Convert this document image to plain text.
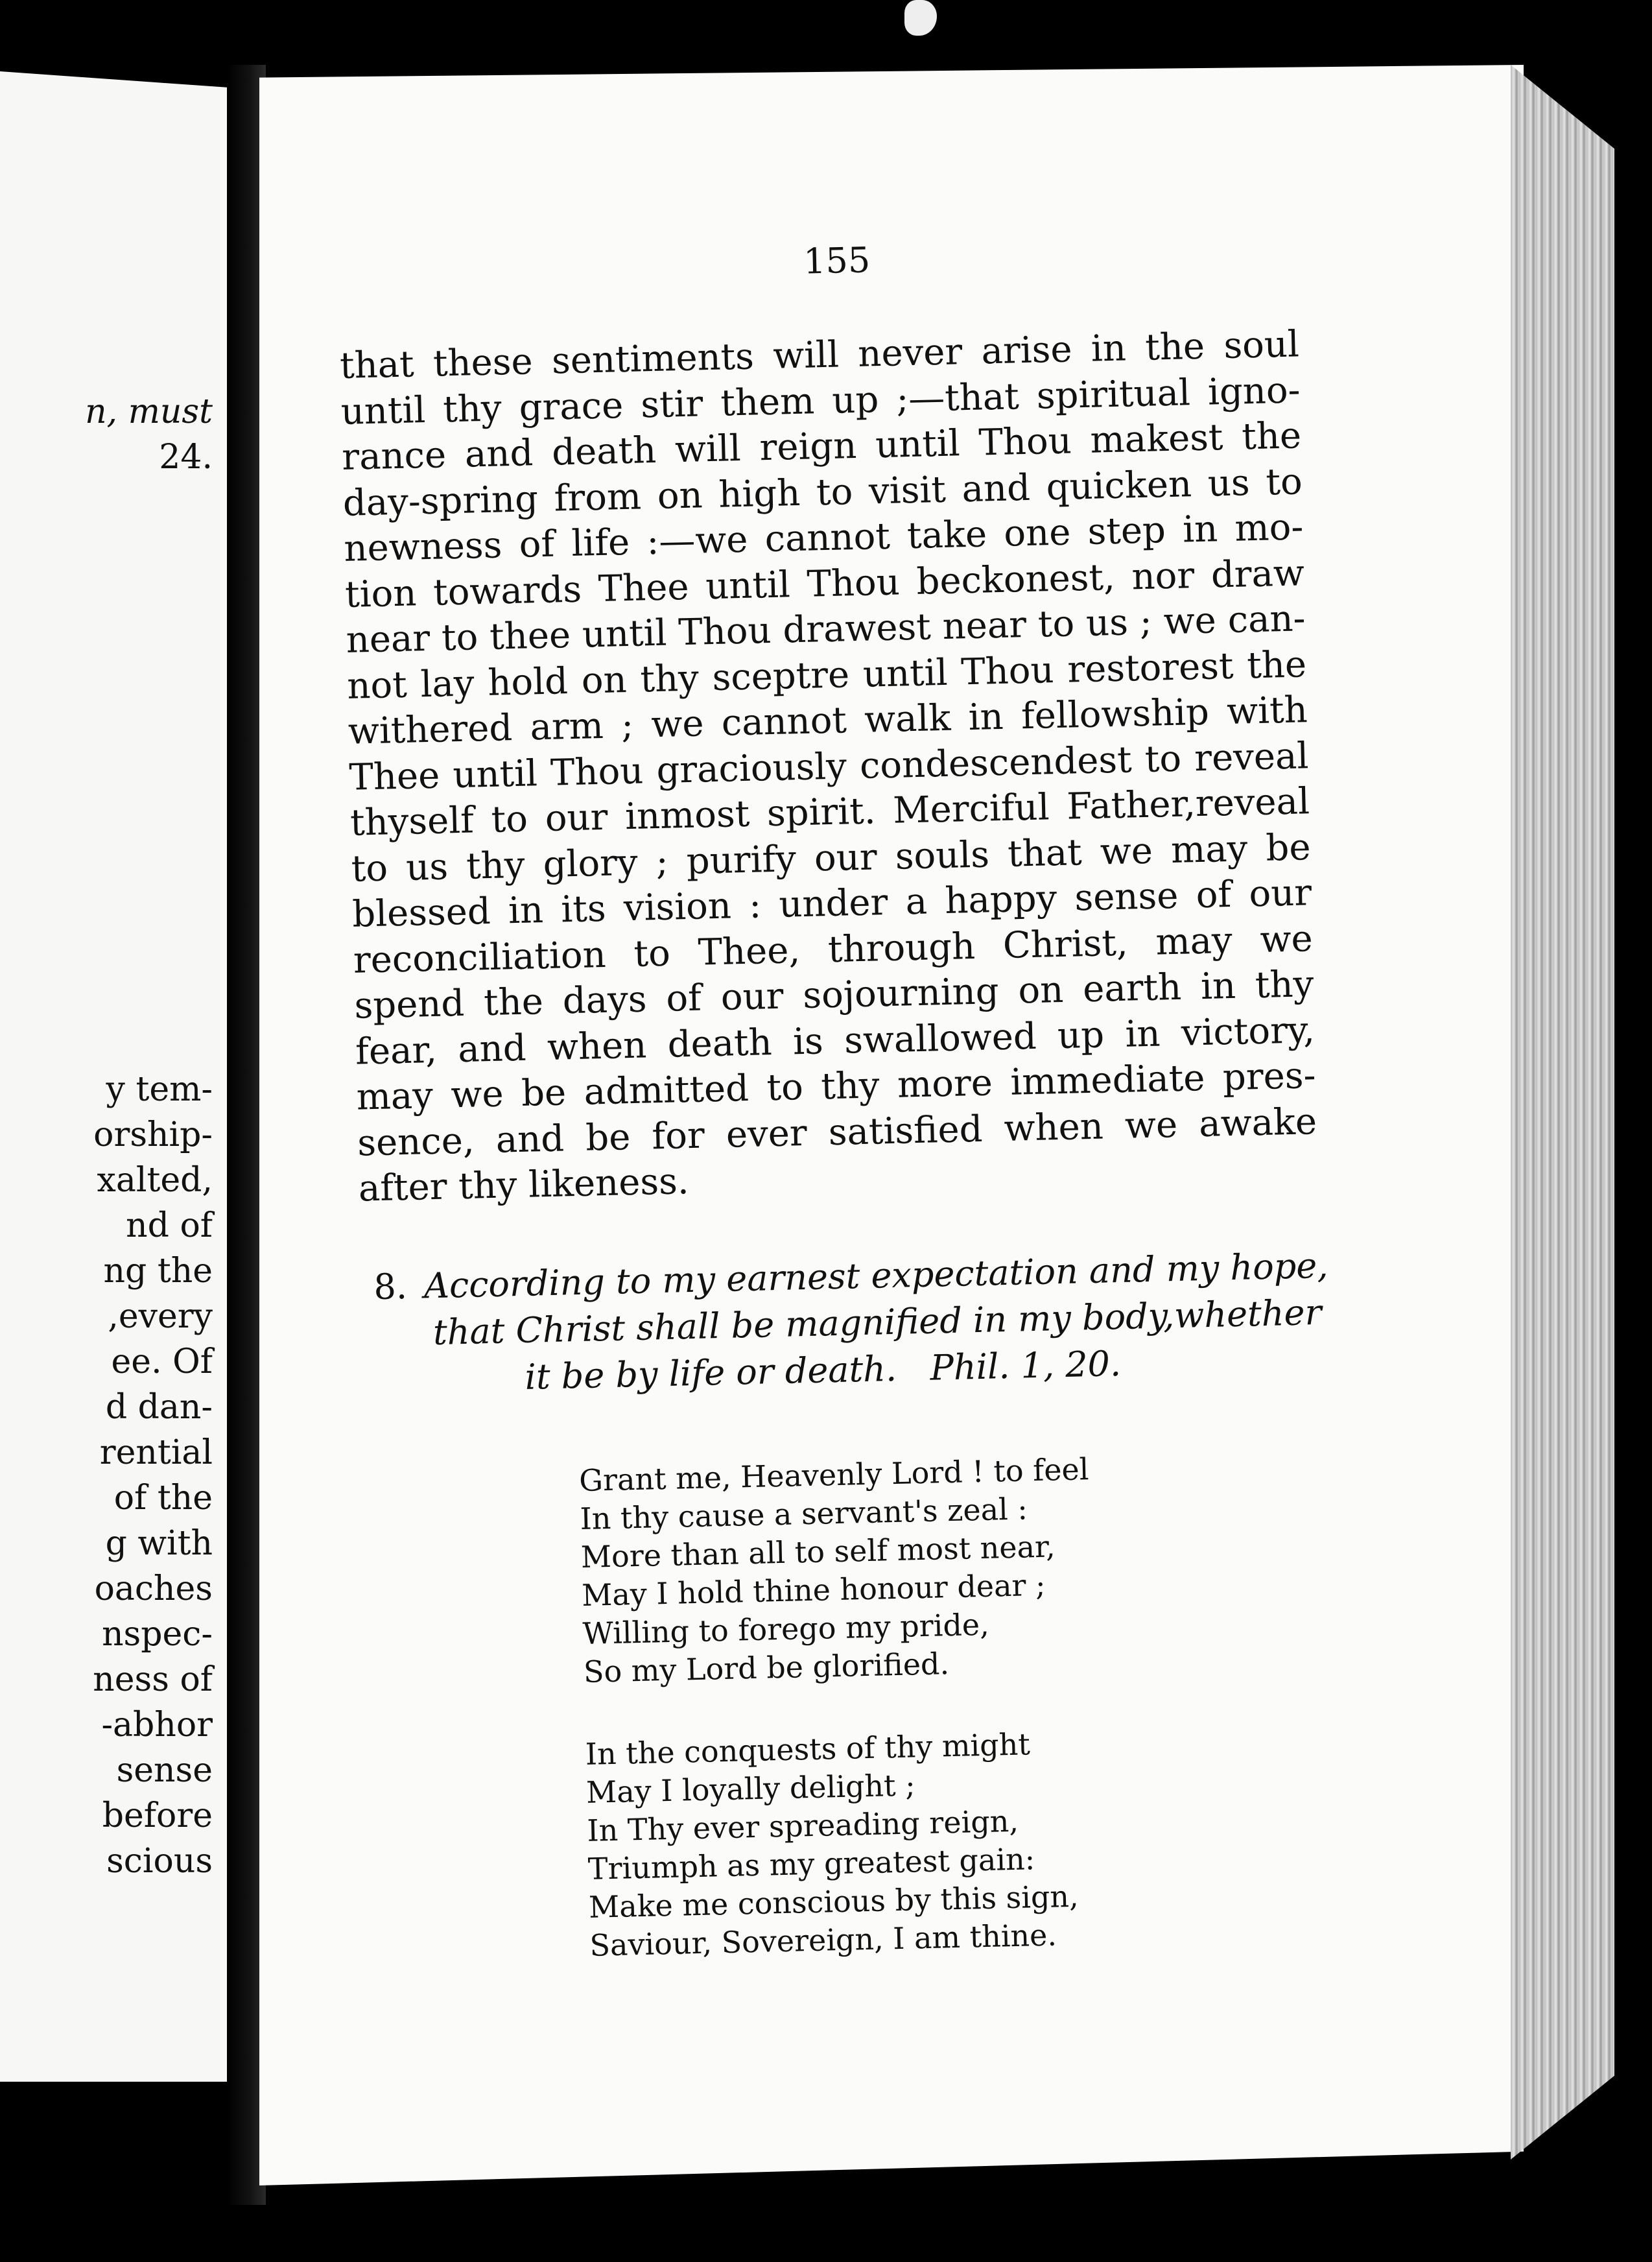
n, must
24.
y tem-
orship-
xalted,
nd of
ng the
,every
ee. Of
d dan-
rential
of the
g with
oaches
nspec-
ness of
-abhor
sense
before
scious
155
that these sentiments will never arise in the soul
until thy grace stir them up ;—that spiritual igno-
rance and death will reign until Thou makest the
day-spring from on high to visit and quicken us to
newness of life :—we cannot take one step in mo-
tion towards Thee until Thou beckonest, nor draw
near to thee until Thou drawest near to us ; we can-
not lay hold on thy sceptre until Thou restorest the
withered arm ; we cannot walk in fellowship with
Thee until Thou graciously condescendest to reveal
thyself to our inmost spirit. Merciful Father,reveal
to us thy glory ; purify our souls that we may be
blessed in its vision : under a happy sense of our
reconciliation to Thee, through Christ, may we
spend the days of our sojourning on earth in thy
fear, and when death is swallowed up in victory,
may we be admitted to thy more immediate pres-
sence, and be for ever satisfied when we awake
after thy likeness.
8. According to my earnest expectation and my hope,
that Christ shall be magnified in my body,whether
it be by life or death. Phil. 1, 20.
Grant me, Heavenly Lord ! to feel
In thy cause a servant's zeal :
More than all to self most near,
May I hold thine honour dear ;
Willing to forego my pride,
So my Lord be glorified.
In the conquests of thy might
May I loyally delight ;
In Thy ever spreading reign,
Triumph as my greatest gain:
Make me conscious by this sign,
Saviour, Sovereign, I am thine.
